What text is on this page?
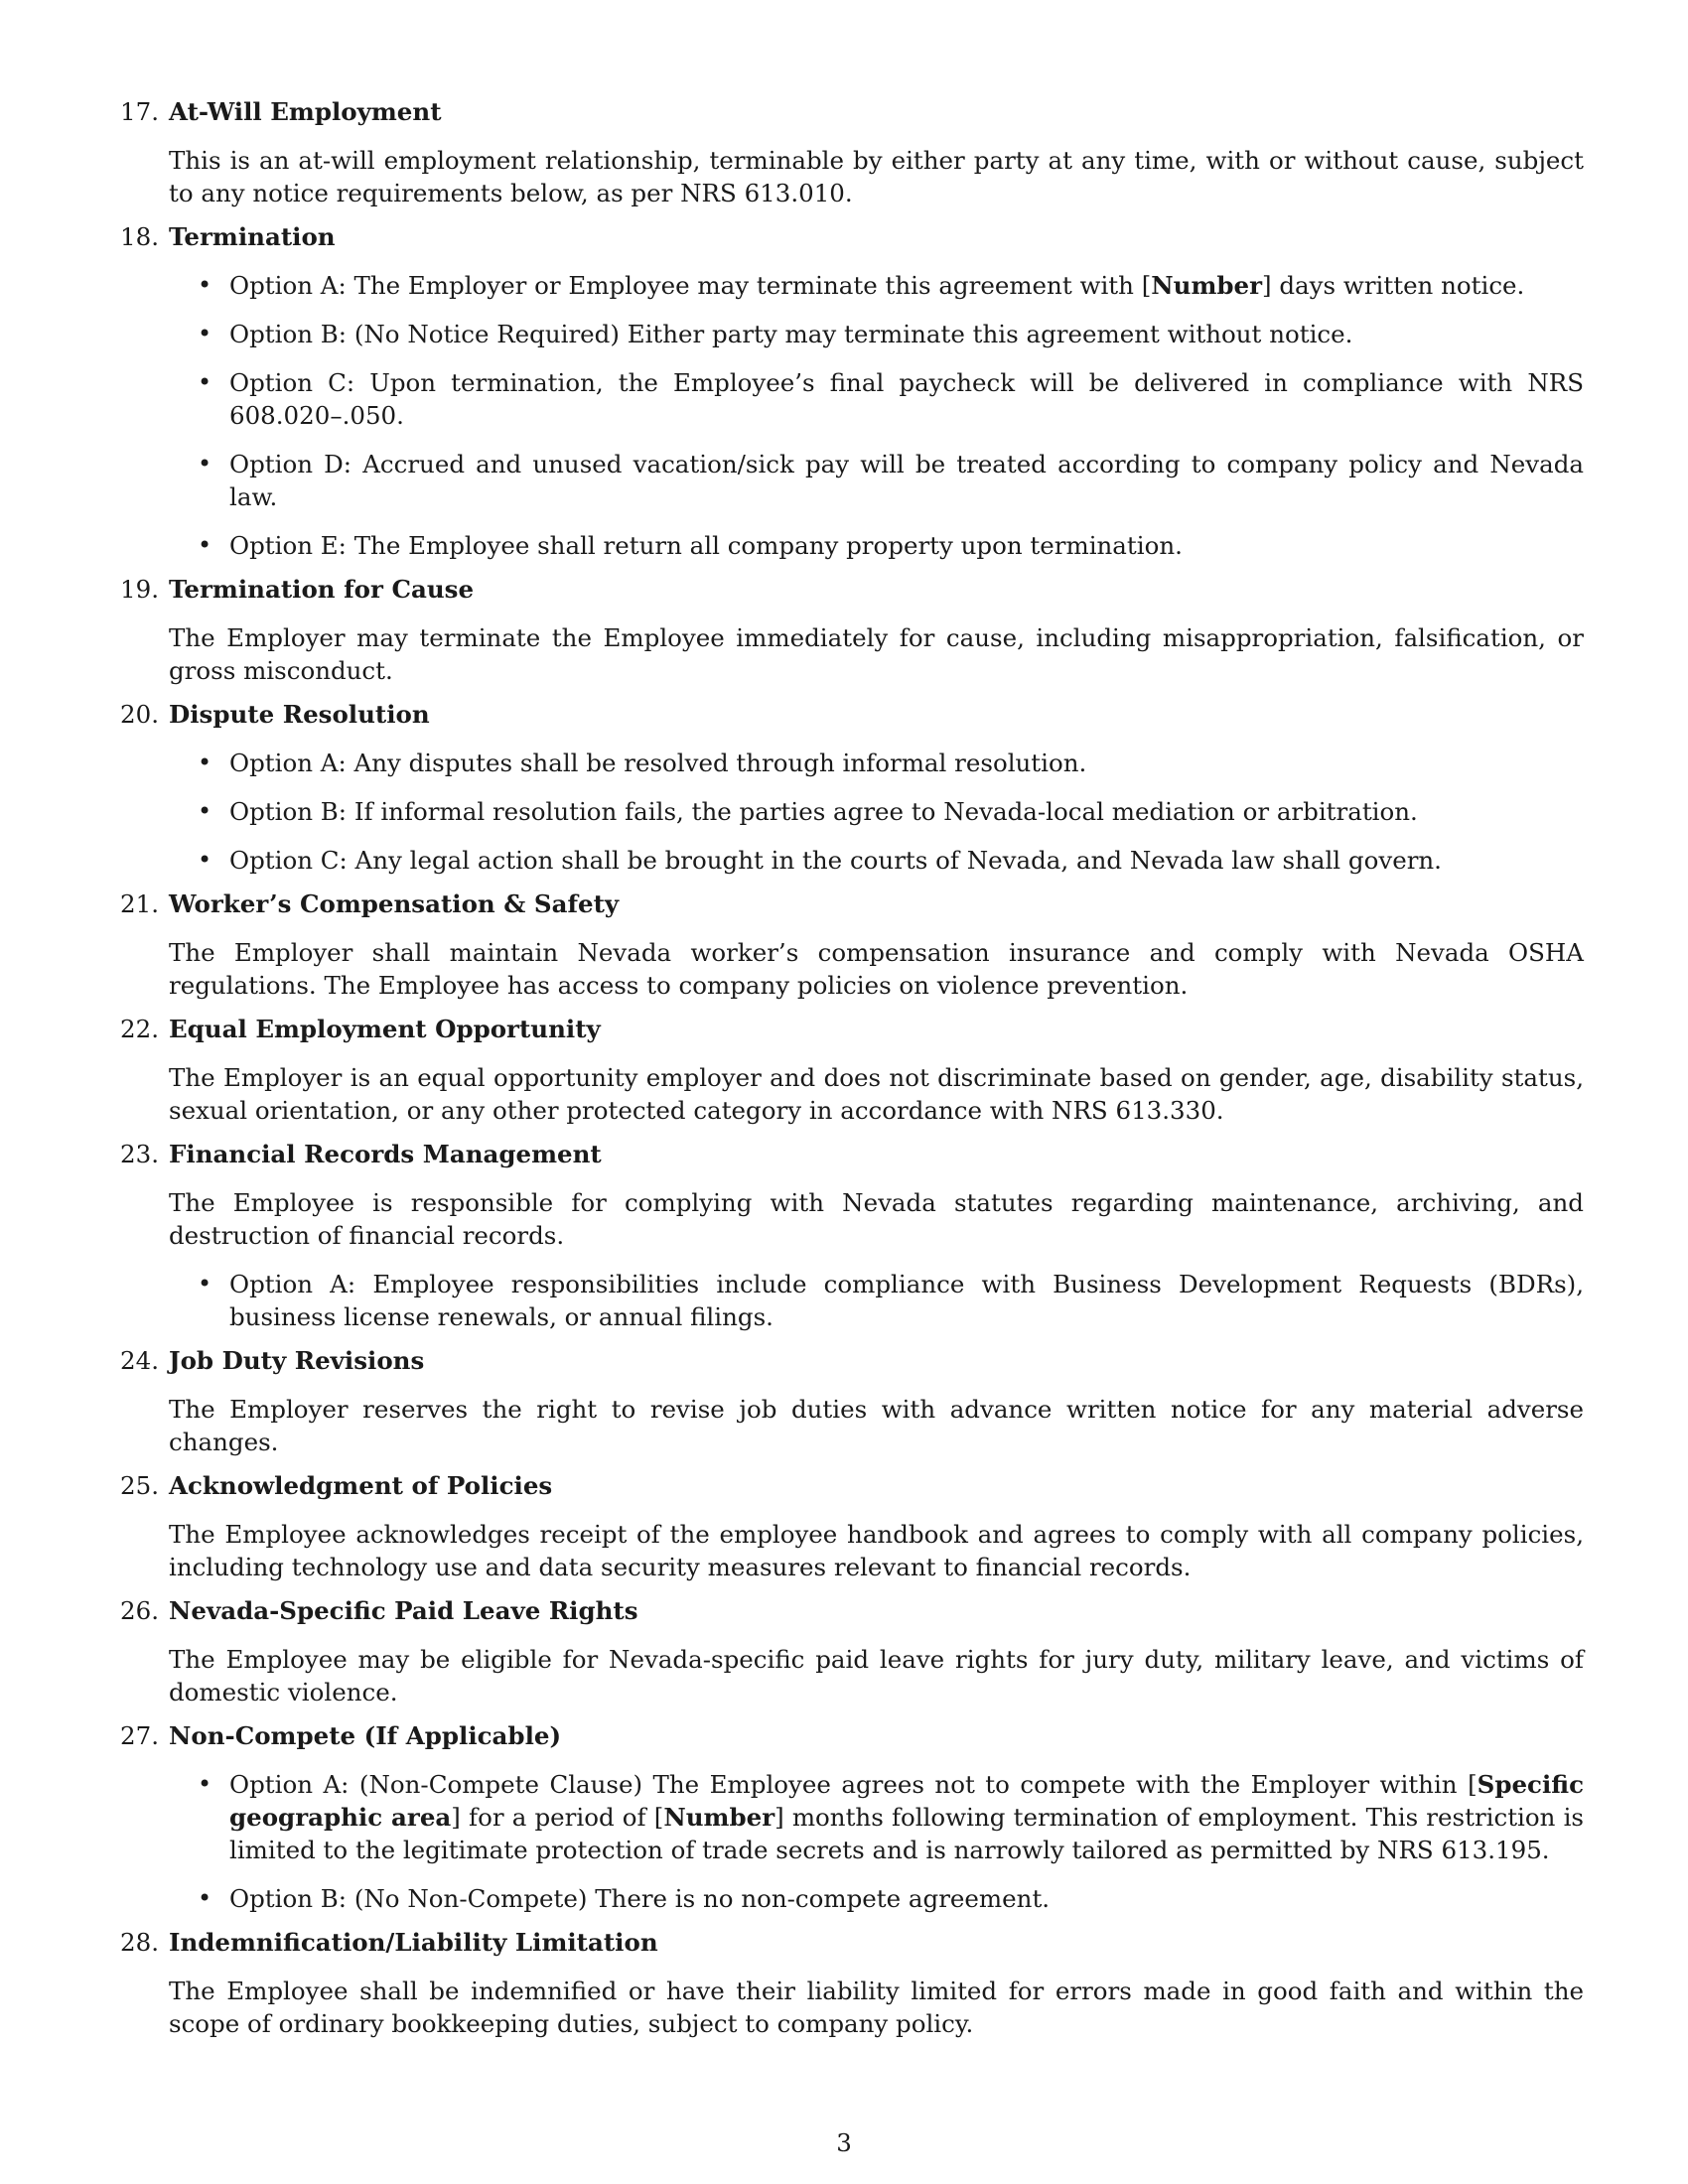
17. At-Will Employment

This is an at-will employment relationship, terminable by either party at any time, with or without cause, subject to any notice requirements below, as per NRS 613.010.

18. Termination
• Option A: The Employer or Employee may terminate this agreement with [Number] days written notice.
• Option B: (No Notice Required) Either party may terminate this agreement without notice.
• Option C: Upon termination, the Employee’s final paycheck will be delivered in compliance with NRS 608.020–.050.
• Option D: Accrued and unused vacation/sick pay will be treated according to company policy and Nevada law.
• Option E: The Employee shall return all company property upon termination.
19. Termination for Cause

The Employer may terminate the Employee immediately for cause, including misappropriation, falsification, or gross misconduct.

20. Dispute Resolution
• Option A: Any disputes shall be resolved through informal resolution.
• Option B: If informal resolution fails, the parties agree to Nevada-local mediation or arbitration.
• Option C: Any legal action shall be brought in the courts of Nevada, and Nevada law shall govern.
21. Worker’s Compensation & Safety

The Employer shall maintain Nevada worker’s compensation insurance and comply with Nevada OSHA regulations. The Employee has access to company policies on violence prevention.

22. Equal Employment Opportunity

The Employer is an equal opportunity employer and does not discriminate based on gender, age, disability status, sexual orientation, or any other protected category in accordance with NRS 613.330.

23. Financial Records Management

The Employee is responsible for complying with Nevada statutes regarding maintenance, archiving, and destruction of financial records.

• Option A: Employee responsibilities include compliance with Business Development Requests (BDRs), business license renewals, or annual filings.
24. Job Duty Revisions

The Employer reserves the right to revise job duties with advance written notice for any material adverse changes.

25. Acknowledgment of Policies

The Employee acknowledges receipt of the employee handbook and agrees to comply with all company policies, including technology use and data security measures relevant to financial records.

26. Nevada-Specific Paid Leave Rights

The Employee may be eligible for Nevada-specific paid leave rights for jury duty, military leave, and victims of domestic violence.

27. Non-Compete (If Applicable)
• Option A: (Non-Compete Clause) The Employee agrees not to compete with the Employer within [Specific geographic area] for a period of [Number] months following termination of employment. This restriction is limited to the legitimate protection of trade secrets and is narrowly tailored as permitted by NRS 613.195.
• Option B: (No Non-Compete) There is no non-compete agreement.
28. Indemnification/Liability Limitation

The Employee shall be indemnified or have their liability limited for errors made in good faith and within the scope of ordinary bookkeeping duties, subject to company policy.

3
